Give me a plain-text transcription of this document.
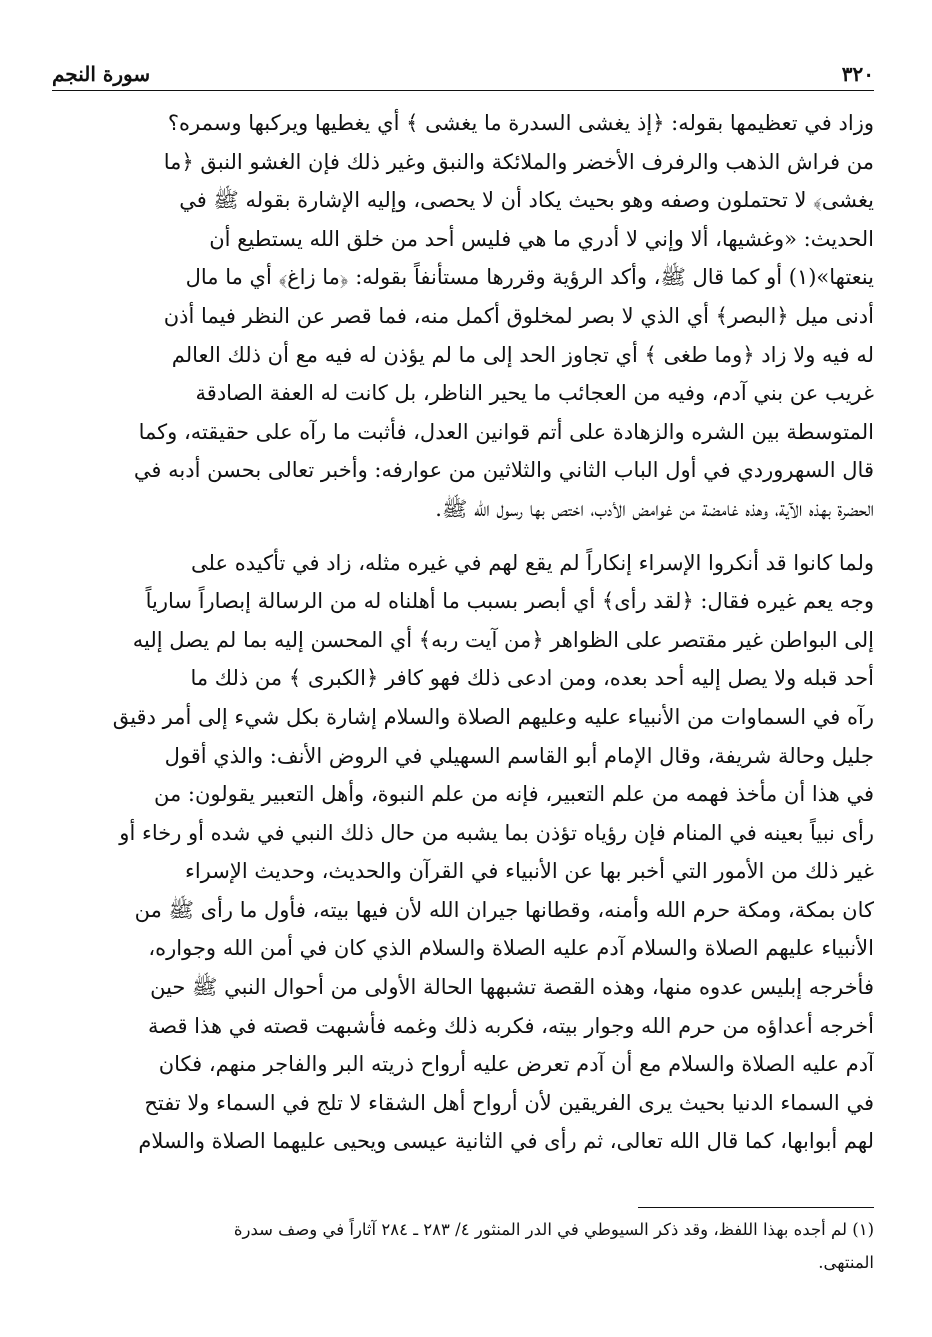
٣٢٠
سورة النجم
وزاد في تعظيمها بقوله: ﴿إذ يغشى السدرة ما يغشى ﴾ أي يغطيها ويركبها وسمره؟
من فراش الذهب والرفرف الأخضر والملائكة والنبق وغير ذلك فإن الغشو النبق ﴿ما
يغشى﴾ لا تحتملون وصفه وهو بحيث يكاد أن لا يحصى، وإليه الإشارة بقوله ﷺ في
الحديث: «وغشيها، ألا وإني لا أدري ما هي فليس أحد من خلق الله يستطيع أن
ينعتها»(١) أو كما قال ﷺ، وأكد الرؤية وقررها مستأنفاً بقوله: ﴿ما زاغ﴾ أي ما مال
أدنى ميل ﴿البصر﴾ أي الذي لا بصر لمخلوق أكمل منه، فما قصر عن النظر فيما أذن
له فيه ولا زاد ﴿وما طغى ﴾ أي تجاوز الحد إلى ما لم يؤذن له فيه مع أن ذلك العالم
غريب عن بني آدم، وفيه من العجائب ما يحير الناظر، بل كانت له العفة الصادقة
المتوسطة بين الشره والزهادة على أتم قوانين العدل، فأثبت ما رآه على حقيقته، وكما
قال السهروردي في أول الباب الثاني والثلاثين من عوارفه: وأخبر تعالى بحسن أدبه في
الحضرة بهذه الآية، وهذه غامضة من غوامض الأدب، اختص بها رسول الله ﷺ.
ولما كانوا قد أنكروا الإسراء إنكاراً لم يقع لهم في غيره مثله، زاد في تأكيده على
وجه يعم غيره فقال: ﴿لقد رأى﴾ أي أبصر بسبب ما أهلناه له من الرسالة إبصاراً سارياً
إلى البواطن غير مقتصر على الظواهر ﴿من آيت ربه﴾ أي المحسن إليه بما لم يصل إليه
أحد قبله ولا يصل إليه أحد بعده، ومن ادعى ذلك فهو كافر ﴿الكبرى ﴾ من ذلك ما
رآه في السماوات من الأنبياء عليه وعليهم الصلاة والسلام إشارة بكل شيء إلى أمر دقيق
جليل وحالة شريفة، وقال الإمام أبو القاسم السهيلي في الروض الأنف: والذي أقول
في هذا أن مأخذ فهمه من علم التعبير، فإنه من علم النبوة، وأهل التعبير يقولون: من
رأى نبياً بعينه في المنام فإن رؤياه تؤذن بما يشبه من حال ذلك النبي في شده أو رخاء أو
غير ذلك من الأمور التي أخبر بها عن الأنبياء في القرآن والحديث، وحديث الإسراء
كان بمكة، ومكة حرم الله وأمنه، وقطانها جيران الله لأن فيها بيته، فأول ما رأى ﷺ من
الأنبياء عليهم الصلاة والسلام آدم عليه الصلاة والسلام الذي كان في أمن الله وجواره،
فأخرجه إبليس عدوه منها، وهذه القصة تشبهها الحالة الأولى من أحوال النبي ﷺ حين
أخرجه أعداؤه من حرم الله وجوار بيته، فكربه ذلك وغمه فأشبهت قصته في هذا قصة
آدم عليه الصلاة والسلام مع أن آدم تعرض عليه أرواح ذريته البر والفاجر منهم، فكان
في السماء الدنيا بحيث يرى الفريقين لأن أرواح أهل الشقاء لا تلج في السماء ولا تفتح
لهم أبوابها، كما قال الله تعالى، ثم رأى في الثانية عيسى ويحيى عليهما الصلاة والسلام
(١) لم أجده بهذا اللفظ، وقد ذكر السيوطي في الدر المنثور ٤/ ٢٨٣ ـ ٢٨٤ آثاراً في وصف سدرة
المنتهى.
